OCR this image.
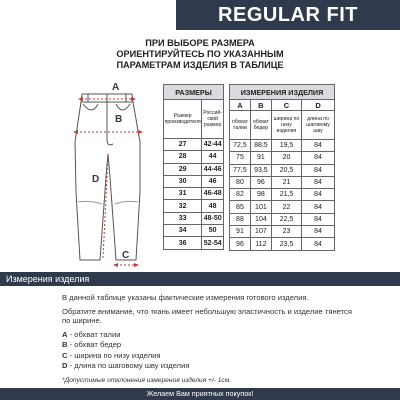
REGULAR FIT
ПРИ ВЫБОРЕ РАЗМЕРА
ОРИЕНТИРУЙТЕСЬ ПО УКАЗАННЫМ
ПАРАМЕТРАМ ИЗДЕЛИЯ В ТАБЛИЦЕ
A
B
D
C
РАЗМЕРЫ	
Размер производителя	Россий-ский размер
27	42-44
28	44
29	44-46
30	46
31	46-48
32	48
33	48-50
34	50
36	52-54
ИЗМЕРЕНИЯ ИЗДЕЛИЯ			
A	B	C	D
обхват талии	обхват бедер	ширина по низу изделия	длина по шаговому шву
72,5	88,5	19,5	84
75	91	20	84
77,5	93,5	20,5	84
80	96	21	84
82	98	21,5	84
85	101	22	84
88	104	22,5	84
91	107	23	84
96	112	23,5	84
Измерения изделия

В данной таблице указаны фактические измерения готового изделия.

Обратите внимание, что ткань имеет небольшую эластичность и изделие тянется по ширине.

A - обхват талии
B - обхват бедер
C - ширина по низу изделия
D - длина по шаговому шву изделия
*Допустимые отклонения измерения изделия +/- 1см.
Желаем Вам приятных покупок!
